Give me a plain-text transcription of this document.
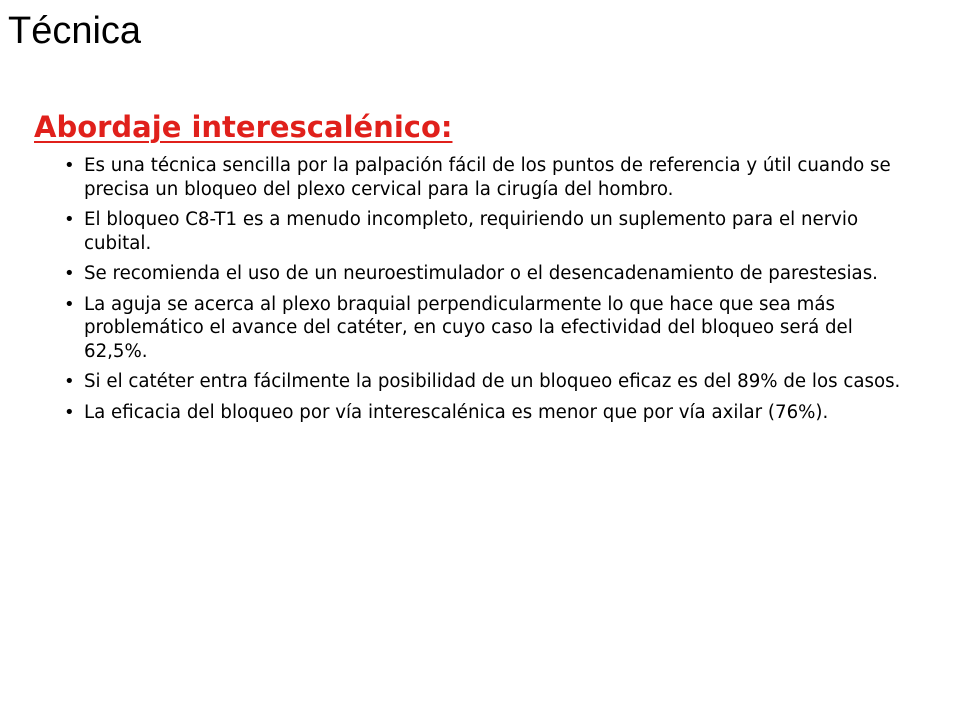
Técnica
Abordaje interescalénico:
• Es una técnica sencilla por la palpación fácil de los puntos de referencia y útil cuando se precisa un bloqueo del plexo cervical para la cirugía del hombro.
• El bloqueo C8-T1 es a menudo incompleto, requiriendo un suplemento para el nervio cubital.
• Se recomienda el uso de un neuroestimulador o el desencadenamiento de parestesias.
• La aguja se acerca al plexo braquial perpendicularmente lo que hace que sea más problemático el avance del catéter, en cuyo caso la efectividad del bloqueo será del 62,5%.
• Si el catéter entra fácilmente la posibilidad de un bloqueo eficaz es del 89% de los casos.
• La eficacia del bloqueo por vía interescalénica es menor que por vía axilar (76%).
